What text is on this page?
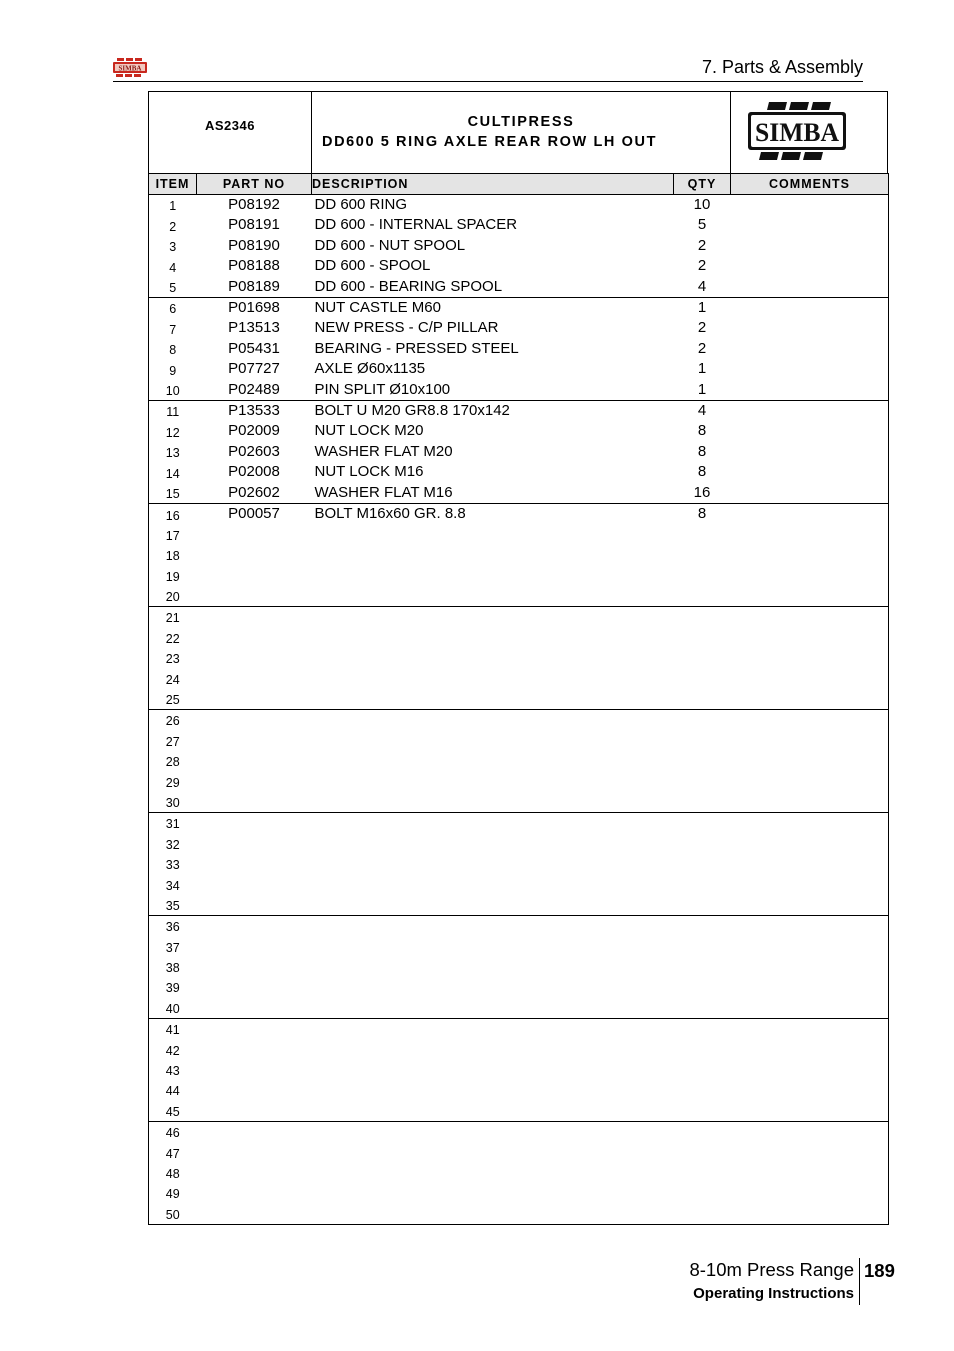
SIMBA	7. Parts & Assembly
AS2346	CULTIPRESS
DD600 5 RING AXLE REAR ROW LH OUT	SIMBA
ITEM	PART NO	DESCRIPTION	QTY	COMMENTS
1	P08192	DD 600 RING	10	
2	P08191	DD 600 - INTERNAL SPACER	5	
3	P08190	DD 600 - NUT SPOOL	2	
4	P08188	DD 600 - SPOOL	2	
5	P08189	DD 600 - BEARING SPOOL	4	
6	P01698	NUT CASTLE M60	1	
7	P13513	NEW PRESS - C/P PILLAR	2	
8	P05431	BEARING - PRESSED STEEL	2	
9	P07727	AXLE Ø60x1135	1	
10	P02489	PIN SPLIT Ø10x100	1	
11	P13533	BOLT U M20 GR8.8 170x142	4	
12	P02009	NUT LOCK M20	8	
13	P02603	WASHER FLAT M20	8	
14	P02008	NUT LOCK M16	8	
15	P02602	WASHER FLAT M16	16	
16	P00057	BOLT M16x60 GR. 8.8	8	
17				
18				
19				
20				
21				
22				
23				
24				
25				
26				
27				
28				
29				
30				
31				
32				
33				
34				
35				
36				
37				
38				
39				
40				
41				
42				
43				
44				
45				
46				
47				
48				
49				
50				
8-10m Press Range 189
Operating Instructions
